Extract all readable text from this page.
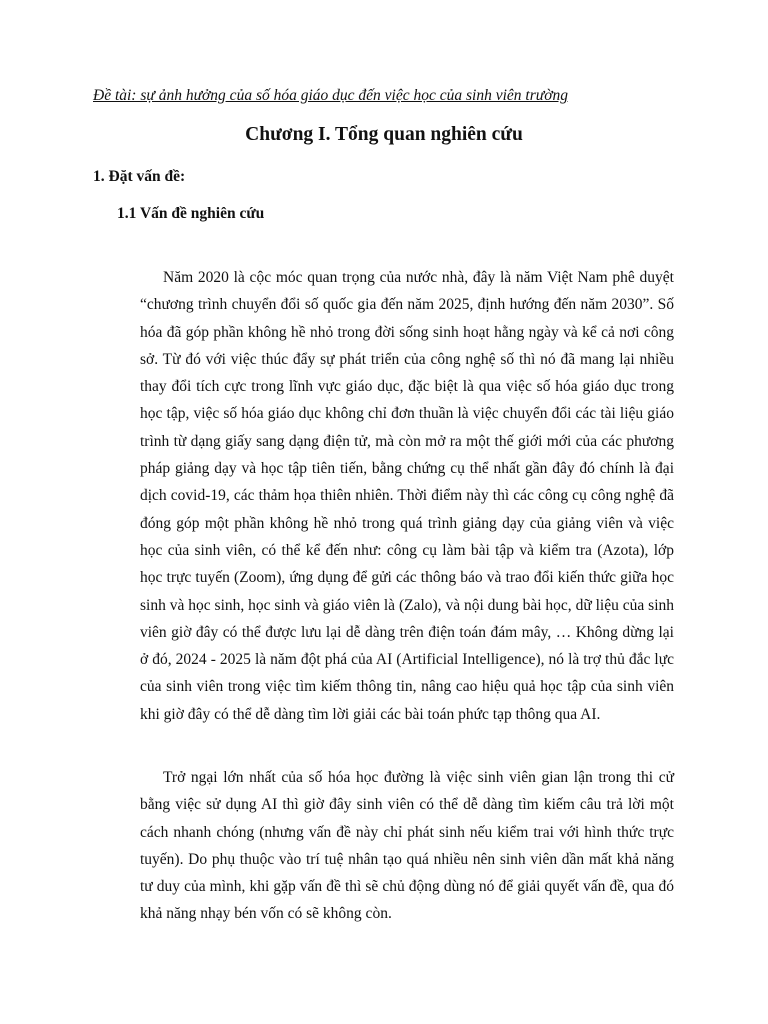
Đề tài: sự ảnh hưởng của số hóa giáo dục đến việc học của sinh viên trường
Chương I. Tổng quan nghiên cứu
1. Đặt vấn đề:
1.1 Vấn đề nghiên cứu

Năm 2020 là cộc móc quan trọng của nước nhà, đây là năm Việt Nam phê duyệt “chương trình chuyển đổi số quốc gia đến năm 2025, định hướng đến năm 2030”. Số hóa đã góp phần không hề nhỏ trong đời sống sinh hoạt hằng ngày và kể cả nơi công sở. Từ đó với việc thúc đẩy sự phát triển của công nghệ số thì nó đã mang lại nhiều thay đổi tích cực trong lĩnh vực giáo dục, đặc biệt là qua việc số hóa giáo dục trong học tập, việc số hóa giáo dục không chỉ đơn thuần là việc chuyển đổi các tài liệu giáo trình từ dạng giấy sang dạng điện tử, mà còn mở ra một thế giới mới của các phương pháp giảng dạy và học tập tiên tiến, bằng chứng cụ thể nhất gần đây đó chính là đại dịch covid-19, các thảm họa thiên nhiên. Thời điểm này thì các công cụ công nghệ đã đóng góp một phần không hề nhỏ trong quá trình giảng dạy của giảng viên và việc học của sinh viên, có thể kể đến như: công cụ làm bài tập và kiểm tra (Azota), lớp học trực tuyến (Zoom), ứng dụng để gửi các thông báo và trao đổi kiến thức giữa học sinh và học sinh, học sinh và giáo viên là (Zalo), và nội dung bài học, dữ liệu của sinh viên giờ đây có thể được lưu lại dễ dàng trên điện toán đám mây, … Không dừng lại ở đó, 2024 - 2025 là năm đột phá của AI (Artificial Intelligence), nó là trợ thủ đắc lực của sinh viên trong việc tìm kiếm thông tin, nâng cao hiệu quả học tập của sinh viên khi giờ đây có thể dễ dàng tìm lời giải các bài toán phức tạp thông qua AI.

Trở ngại lớn nhất của số hóa học đường là việc sinh viên gian lận trong thi cử bằng việc sử dụng AI thì giờ đây sinh viên có thể dễ dàng tìm kiếm câu trả lời một cách nhanh chóng (nhưng vấn đề này chỉ phát sinh nếu kiểm trai với hình thức trực tuyến). Do phụ thuộc vào trí tuệ nhân tạo quá nhiều nên sinh viên dần mất khả năng tư duy của mình, khi gặp vấn đề thì sẽ chủ động dùng nó để giải quyết vấn đề, qua đó khả năng nhạy bén vốn có sẽ không còn.
